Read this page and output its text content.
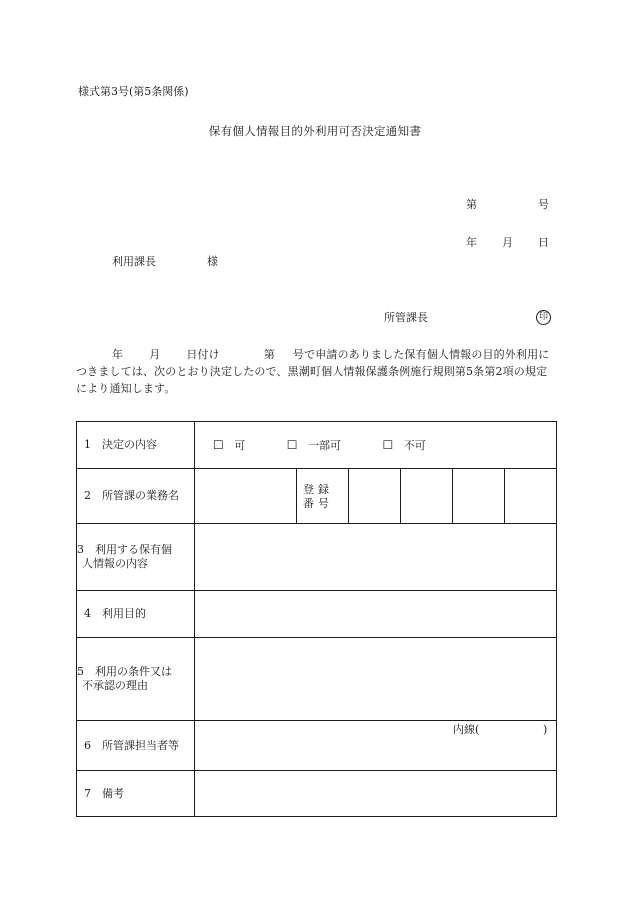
様式第3号(第5条関係)
保有個人情報目的外利用可否決定通知書
第	号
年 月 日
利用課長	様
所管課長	印
年 月 日付け	第 号で申請のありました保有個人情報の目的外利用につきましては、次のとおり決定したので、黒潮町個人情報保護条例施行規則第5条第2項の規定により通知します。
1 決定の内容	☐ 可 ☐ 一部可 ☐ 不可					
2 所管課の業務名		登録番号				
3 利用する保有個
人情報の内容						

4 利用目的						
5 利用の条件又は
不承認の理由						

6 所管課担当者等	内線( )					

7 備考						
